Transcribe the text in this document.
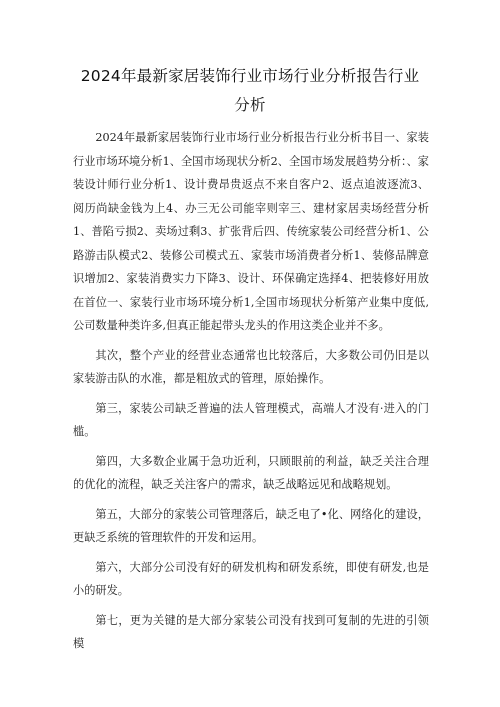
2024年最新家居装饰行业市场行业分析报告行业
分析

2024年最新家居装饰行业市场行业分析报告行业分析书目一、家装行业市场环境分析1、全国市场现状分析2、全国市场发展趋势分析：、家装设计师行业分析1、设计费昂贵返点不来自客户2、返点追波逐流3、阅历尚缺金钱为上4、办三无公司能宰则宰三、建材家居卖场经营分析1、普陷亏损2、卖场过剩3、扩张背后四、传统家装公司经营分析1、公路游击队模式2、装修公司模式五、家装市场消费者分析1、装修品牌意识增加2、家装消费实力下降3、设计、环保确定选择4、把装修好用放在首位一、家装行业市场环境分析1,全国市场现状分析第产业集中度低,公司数量种类许多,但真正能起带头龙头的作用这类企业并不多。

其次，整个产业的经营业态通常也比较落后，大多数公司仍旧是以家装游击队的水准，都是粗放式的管理，原始操作。

第三，家装公司缺乏普遍的法人管理模式，高端人才没有·进入的门槛。

第四，大多数企业属于急功近利，只顾眼前的利益，缺乏关注合理的优化的流程，缺乏关注客户的需求，缺乏战略远见和战略规划。

第五，大部分的家装公司管理落后，缺乏电了•化、网络化的建设，更缺乏系统的管理软件的开发和运用。

第六，大部分公司没有好的研发机构和研发系统，即使有研发,也是小的研发。

第七，更为关键的是大部分家装公司没有找到可复制的先进的引领模
